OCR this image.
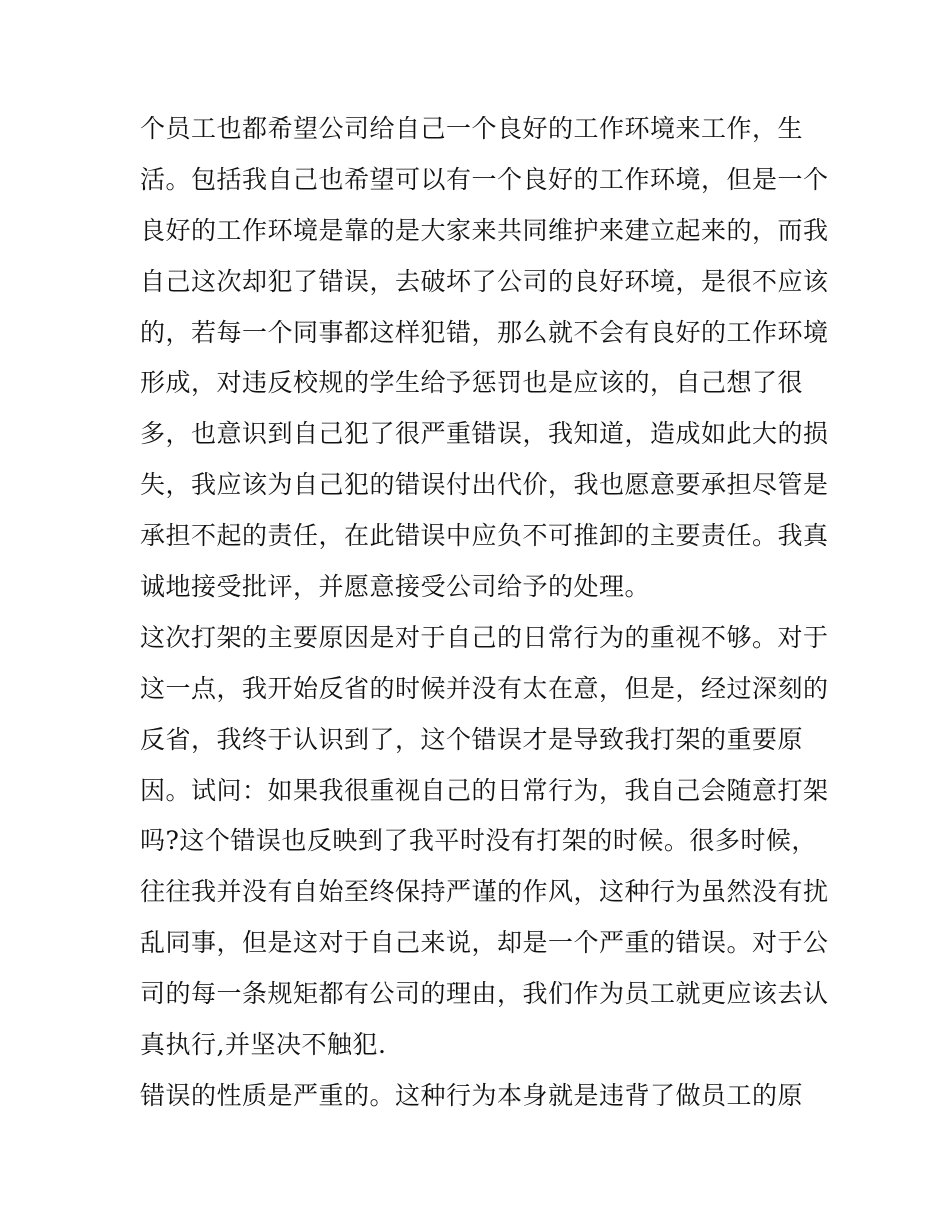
个员工也都希望公司给自己一个良好的工作环境来工作，生
活。包括我自己也希望可以有一个良好的工作环境，但是一个
良好的工作环境是靠的是大家来共同维护来建立起来的，而我
自己这次却犯了错误，去破坏了公司的良好环境，是很不应该
的，若每一个同事都这样犯错，那么就不会有良好的工作环境
形成，对违反校规的学生给予惩罚也是应该的，自己想了很
多，也意识到自己犯了很严重错误，我知道，造成如此大的损
失，我应该为自己犯的错误付出代价，我也愿意要承担尽管是
承担不起的责任，在此错误中应负不可推卸的主要责任。我真
诚地接受批评，并愿意接受公司给予的处理。
这次打架的主要原因是对于自己的日常行为的重视不够。对于
这一点，我开始反省的时候并没有太在意，但是，经过深刻的
反省，我终于认识到了，这个错误才是导致我打架的重要原
因。试问：如果我很重视自己的日常行为，我自己会随意打架
吗?这个错误也反映到了我平时没有打架的时候。很多时候，
往往我并没有自始至终保持严谨的作风，这种行为虽然没有扰
乱同事，但是这对于自己来说，却是一个严重的错误。对于公
司的每一条规矩都有公司的理由，我们作为员工就更应该去认
真执行,并坚决不触犯.
错误的性质是严重的。这种行为本身就是违背了做员工的原
